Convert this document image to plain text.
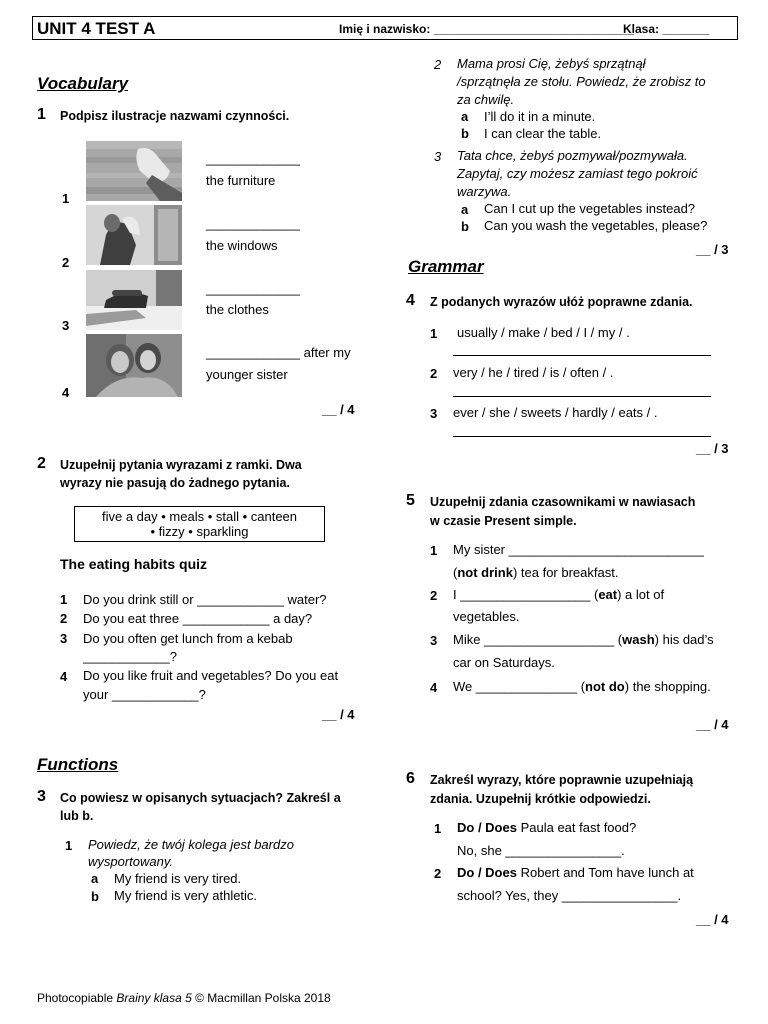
UNIT 4 TEST A	Imię i nazwisko: ______________________________
Klasa: _______
Vocabulary
1 Podpisz ilustracje nazwami czynności.
1
2
3
4
_____________
the furniture
_____________
the windows
_____________
the clothes
_____________ after my
younger sister
__ / 4
2 Uzupełnij pytania wyrazami z ramki. Dwa
wyrazy nie pasują do żadnego pytania.
five a day • meals • stall • canteen
• fizzy • sparkling
The eating habits quiz
1 Do you drink still or ____________ water?
2 Do you eat three ____________ a day?
3 Do you often get lunch from a kebab
____________?
4 Do you like fruit and vegetables? Do you eat
your ____________?
__ / 4
Functions
3 Co powiesz w opisanych sytuacjach? Zakreśl a
lub b.
1 Powiedz, że twój kolega jest bardzo
wysportowany.
a My friend is very tired.
b My friend is very athletic.
2 Mama prosi Cię, żebyś sprzątnął
/sprzątnęła ze stołu. Powiedz, że zrobisz to
za chwilę.
a I’ll do it in a minute.
b I can clear the table.
3 Tata chce, żebyś pozmywał/pozmywała.
Zapytaj, czy możesz zamiast tego pokroić
warzywa.
a Can I cut up the vegetables instead?
b Can you wash the vegetables, please?
__ / 3
Grammar
4 Z podanych wyrazów ułóż poprawne zdania.
1 usually / make / bed / I / my / .
2 very / he / tired / is / often / .
3 ever / she / sweets / hardly / eats / .
__ / 3
5 Uzupełnij zdania czasownikami w nawiasach
w czasie Present simple.
1 My sister ___________________________
(not drink) tea for breakfast.
2 I __________________ (eat) a lot of
vegetables.
3 Mike __________________ (wash) his dad’s
car on Saturdays.
4 We ______________ (not do) the shopping.
__ / 4
6 Zakreśl wyrazy, które poprawnie uzupełniają
zdania. Uzupełnij krótkie odpowiedzi.
1 Do / Does Paula eat fast food?
No, she ________________.
2 Do / Does Robert and Tom have lunch at
school? Yes, they ________________.
__ / 4
Photocopiable Brainy klasa 5 © Macmillan Polska 2018
